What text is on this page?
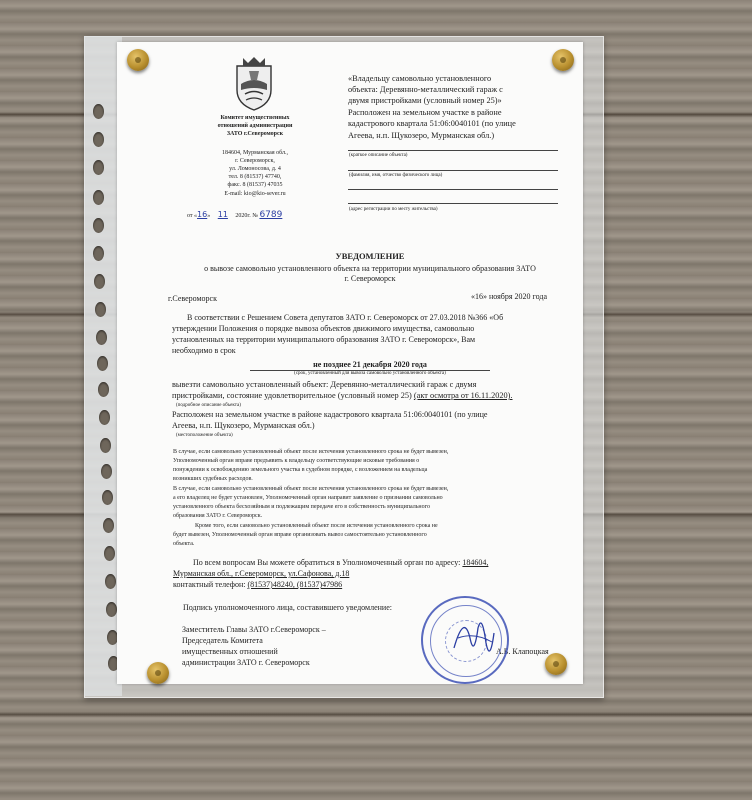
Комитет имущественных

отношений администрации

ЗАТО г.Североморск

184604, Мурманская обл.,

г. Североморск,

ул. Ломоносова, д. 4

тел. 8 (81537) 47740,

факс. 8 (81537) 47035

E-mail: kio@kio-sever.ru

от «16» 11 2020г. № 6789

«Владельцу самовольно установленного

объекта: Деревянно-металлический гараж с

двумя пристройками (условный номер 25)»

Расположен на земельном участке в районе

кадастрового квартала 51:06:0040101 (по улице

Агеева, н.п. Щукозеро, Мурманская обл.)

(краткое описание объекта)

(фамилия, имя, отчество физического лица)

(адрес регистрации по месту жительства)

УВЕДОМЛЕНИЕ

о вывозе самовольно установленного объекта на территории муниципального образования ЗАТО

г. Североморск

г.Североморск	«16» ноября 2020 года

В соответствии с Решением Совета депутатов ЗАТО г. Североморск от 27.03.2018 №366 «Об

утверждении Положения о порядке вывоза объектов движимого имущества, самовольно

установленных на территории муниципального образования ЗАТО г. Североморск», Вам

необходимо в срок

не позднее 21 декабря 2020 года

(срок, установленный для вывоза самовольно установленного объекта)

вывезти самовольно установленный объект: Деревянно-металлический гараж с двумя

пристройками, состояние удовлетворительное (условный номер 25) (акт осмотра от 16.11.2020).

(подробное описание объекта)

Расположен на земельном участке в районе кадастрового квартала 51:06:0040101 (по улице

Агеева, н.п. Щукозеро, Мурманская обл.)

(местоположение объекта)

В случае, если самовольно установленный объект после истечения установленного срока не будет вывезен,

Уполномоченный орган вправе предъявить к владельцу соответствующие исковые требования о

понуждении к освобождению земельного участка в судебном порядке, с возложением на владельца

возникших судебных расходов.

В случае, если самовольно установленный объект после истечения установленного срока не будет вывезен,

а его владелец не будет установлен, Уполномоченный орган направит заявление о признании самовольно

установленного объекта бесхозяйным и подлежащим передаче его в собственность муниципального

образования ЗАТО г. Североморск.

Кроме того, если самовольно установленный объект после истечения установленного срока не

будет вывезен, Уполномоченный орган вправе организовать вывоз самостоятельно установленного

объекта.

По всем вопросам Вы можете обратиться в Уполномоченный орган по адресу: 184604,

Мурманская обл., г.Североморск, ул.Сафонова, д.18

контактный телефон: (81537)48240, (81537)47986

Подпись уполномоченного лица, составившего уведомление:

Заместитель Главы ЗАТО г.Североморск –

Председатель Комитета

имущественных отношений

администрации ЗАТО г. Североморск

А.Б. Клапоцкая
